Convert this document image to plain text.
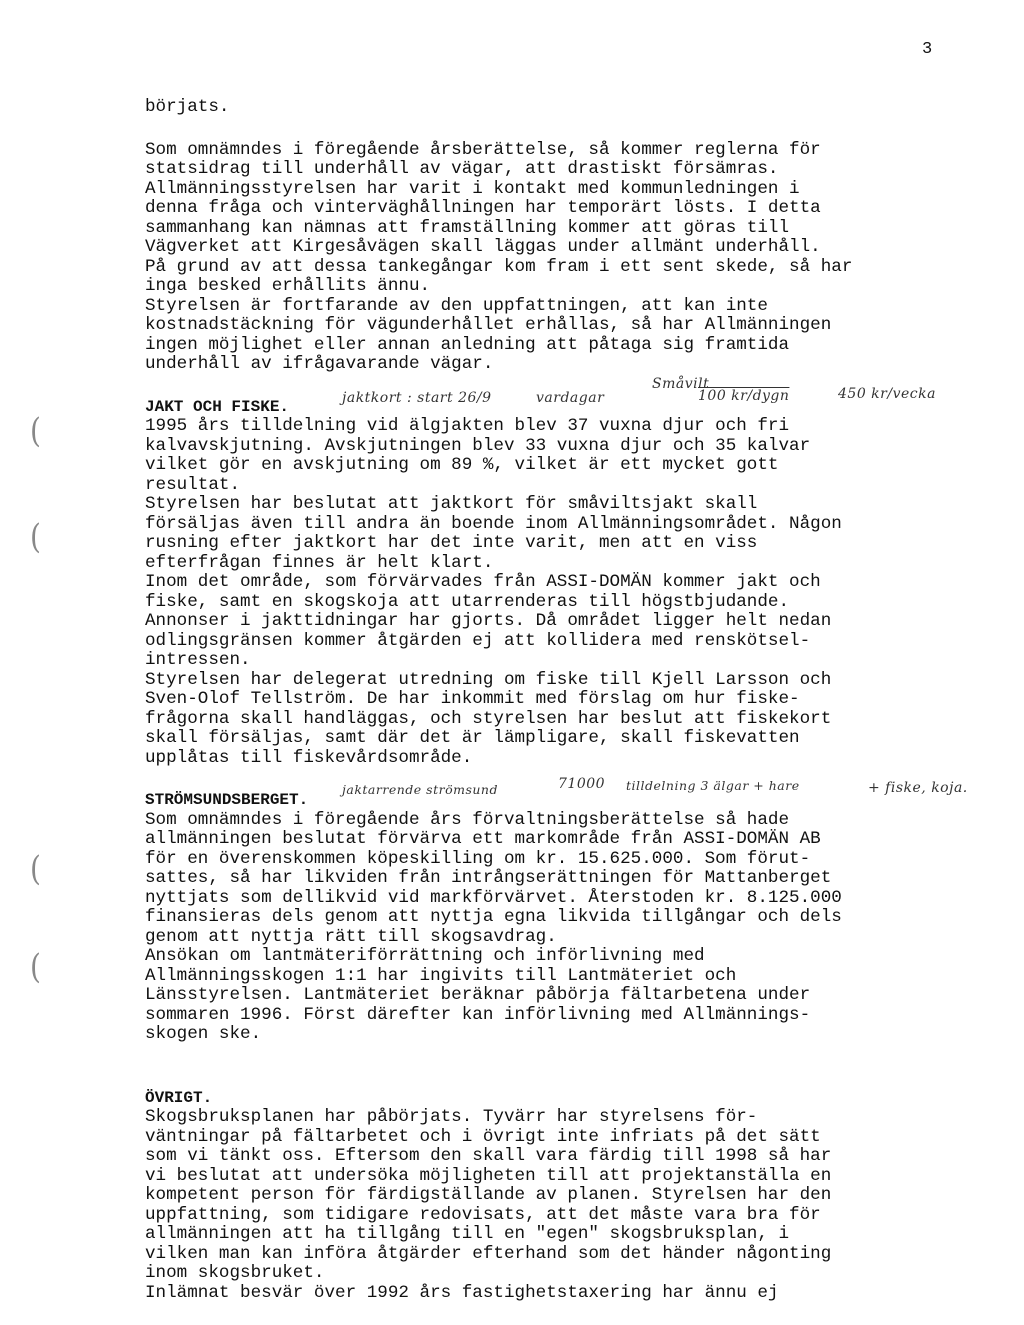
3
(
(
(
(
börjats.
Som omnämndes i föregående årsberättelse, så kommer reglerna för
statsidrag till underhåll av vägar, att drastiskt försämras.
Allmänningsstyrelsen har varit i kontakt med kommunledningen i
denna fråga och vinterväghållningen har temporärt lösts. I detta
sammanhang kan nämnas att framställning kommer att göras till
Vägverket att Kirgesåvägen skall läggas under allmänt underhåll.
På grund av att dessa tankegångar kom fram i ett sent skede, så har
inga besked erhållits ännu.
Styrelsen är fortfarande av den uppfattningen, att kan inte
kostnadstäckning för vägunderhållet erhållas, så har Allmänningen
ingen möjlighet eller annan anledning att påtaga sig framtida
underhåll av ifrågavarande vägar.
JAKT OCH FISKE.
1995 års tilldelning vid älgjakten blev 37 vuxna djur och fri
kalvavskjutning. Avskjutningen blev 33 vuxna djur och 35 kalvar
vilket gör en avskjutning om 89 %, vilket är ett mycket gott
resultat.
Styrelsen har beslutat att jaktkort för småviltsjakt skall
försäljas även till andra än boende inom Allmänningsområdet. Någon
rusning efter jaktkort har det inte varit, men att en viss
efterfrågan finnes är helt klart.
Inom det område, som förvärvades från ASSI-DOMÄN kommer jakt och
fiske, samt en skogskoja att utarrenderas till högstbjudande.
Annonser i jakttidningar har gjorts. Då området ligger helt nedan
odlingsgränsen kommer åtgärden ej att kollidera med renskötsel-
intressen.
Styrelsen har delegerat utredning om fiske till Kjell Larsson och
Sven-Olof Tellström. De har inkommit med förslag om hur fiske-
frågorna skall handläggas, och styrelsen har beslut att fiskekort
skall försäljas, samt där det är lämpligare, skall fiskevatten
upplåtas till fiskevårdsområde.
STRÖMSUNDSBERGET.
Som omnämndes i föregående års förvaltningsberättelse så hade
allmänningen beslutat förvärva ett markområde från ASSI-DOMÄN AB
för en överenskommen köpeskilling om kr. 15.625.000. Som förut-
sattes, så har likviden från intrångserättningen för Mattanberget
nyttjats som dellikvid vid markförvärvet. Återstoden kr. 8.125.000
finansieras dels genom att nyttja egna likvida tillgångar och dels
genom att nyttja rätt till skogsavdrag.
Ansökan om lantmäteriförrättning och införlivning med
Allmänningsskogen 1:1 har ingivits till Lantmäteriet och
Länsstyrelsen. Lantmäteriet beräknar påbörja fältarbetena under
sommaren 1996. Först därefter kan införlivning med Allmännings-
skogen ske.
ÖVRIGT.
Skogsbruksplanen har påbörjats. Tyvärr har styrelsens för-
väntningar på fältarbetet och i övrigt inte infriats på det sätt
som vi tänkt oss. Eftersom den skall vara färdig till 1998 så har
vi beslutat att undersöka möjligheten till att projektanställa en
kompetent person för färdigställande av planen. Styrelsen har den
uppfattning, som tidigare redovisats, att det måste vara bra för
allmänningen att ha tillgång till en "egen" skogsbruksplan, i
vilken man kan införa åtgärder efterhand som det händer någonting
inom skogsbruket.
Inlämnat besvär över 1992 års fastighetstaxering har ännu ej
Småvilt
jaktkort : start 26/9	vardagar	100 kr/dygn	450 kr/vecka
jaktarrende strömsund	71000 tilldelning 3 älgar + hare	+ fiske, koja.
